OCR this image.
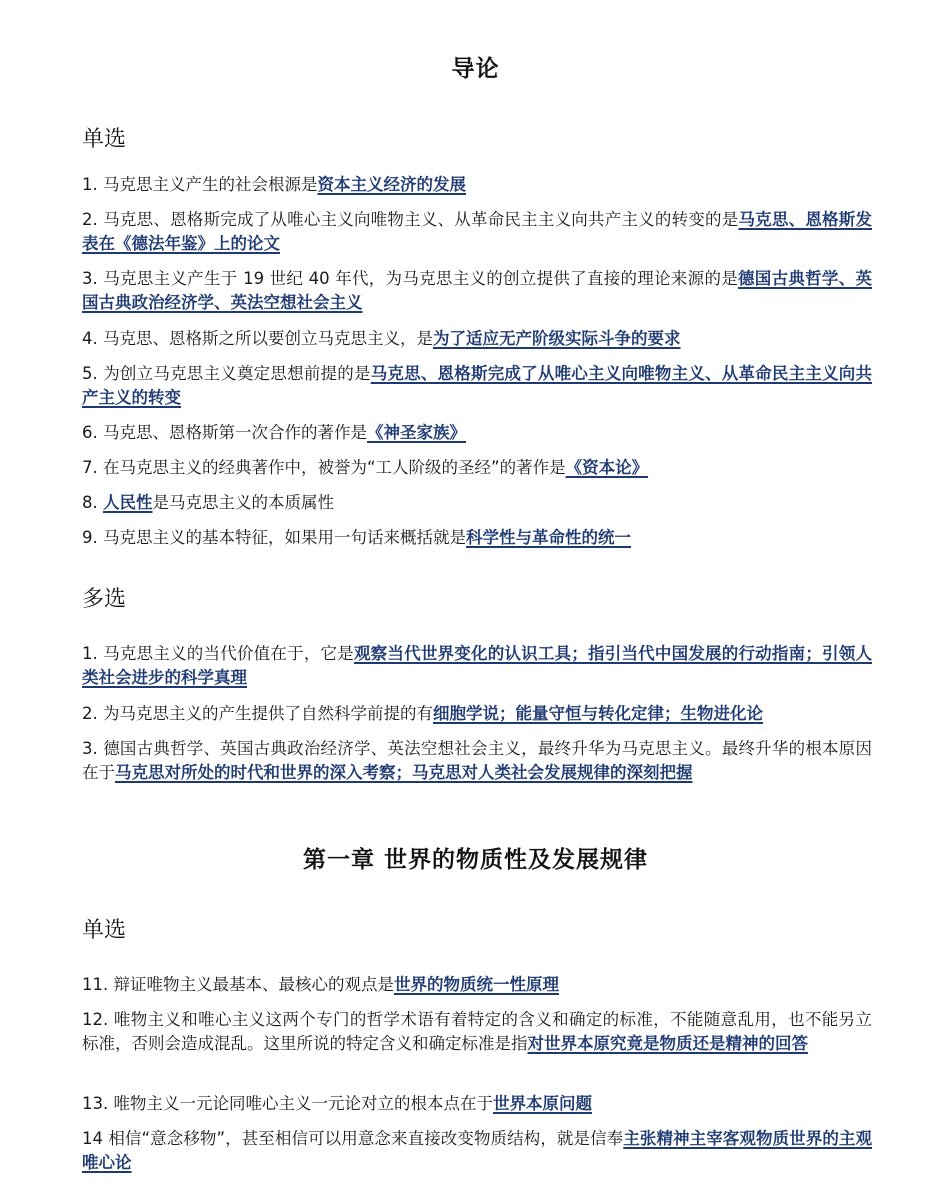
导论
单选
1. 马克思主义产生的社会根源是资本主义经济的发展
2. 马克思、恩格斯完成了从唯心主义向唯物主义、从革命民主主义向共产主义的转变的是马克思、恩格斯发表在《德法年鉴》上的论文
3. 马克思主义产生于 19 世纪 40 年代，为马克思主义的创立提供了直接的理论来源的是德国古典哲学、英国古典政治经济学、英法空想社会主义
4. 马克思、恩格斯之所以要创立马克思主义，是为了适应无产阶级实际斗争的要求
5. 为创立马克思主义奠定思想前提的是马克思、恩格斯完成了从唯心主义向唯物主义、从革命民主主义向共产主义的转变
6. 马克思、恩格斯第一次合作的著作是《神圣家族》
7. 在马克思主义的经典著作中，被誉为“工人阶级的圣经”的著作是《资本论》
8. 人民性是马克思主义的本质属性
9. 马克思主义的基本特征，如果用一句话来概括就是科学性与革命性的统一
多选
1. 马克思主义的当代价值在于，它是观察当代世界变化的认识工具；指引当代中国发展的行动指南；引领人类社会进步的科学真理
2. 为马克思主义的产生提供了自然科学前提的有细胞学说；能量守恒与转化定律；生物进化论
3. 德国古典哲学、英国古典政治经济学、英法空想社会主义，最终升华为马克思主义。最终升华的根本原因在于马克思对所处的时代和世界的深入考察；马克思对人类社会发展规律的深刻把握
第一章 世界的物质性及发展规律
单选
11. 辩证唯物主义最基本、最核心的观点是世界的物质统一性原理
12. 唯物主义和唯心主义这两个专门的哲学术语有着特定的含义和确定的标准，不能随意乱用，也不能另立标准，否则会造成混乱。这里所说的特定含义和确定标准是指对世界本原究竟是物质还是精神的回答
13. 唯物主义一元论同唯心主义一元论对立的根本点在于世界本原问题
14 相信“意念移物”，甚至相信可以用意念来直接改变物质结构，就是信奉主张精神主宰客观物质世界的主观唯心论
